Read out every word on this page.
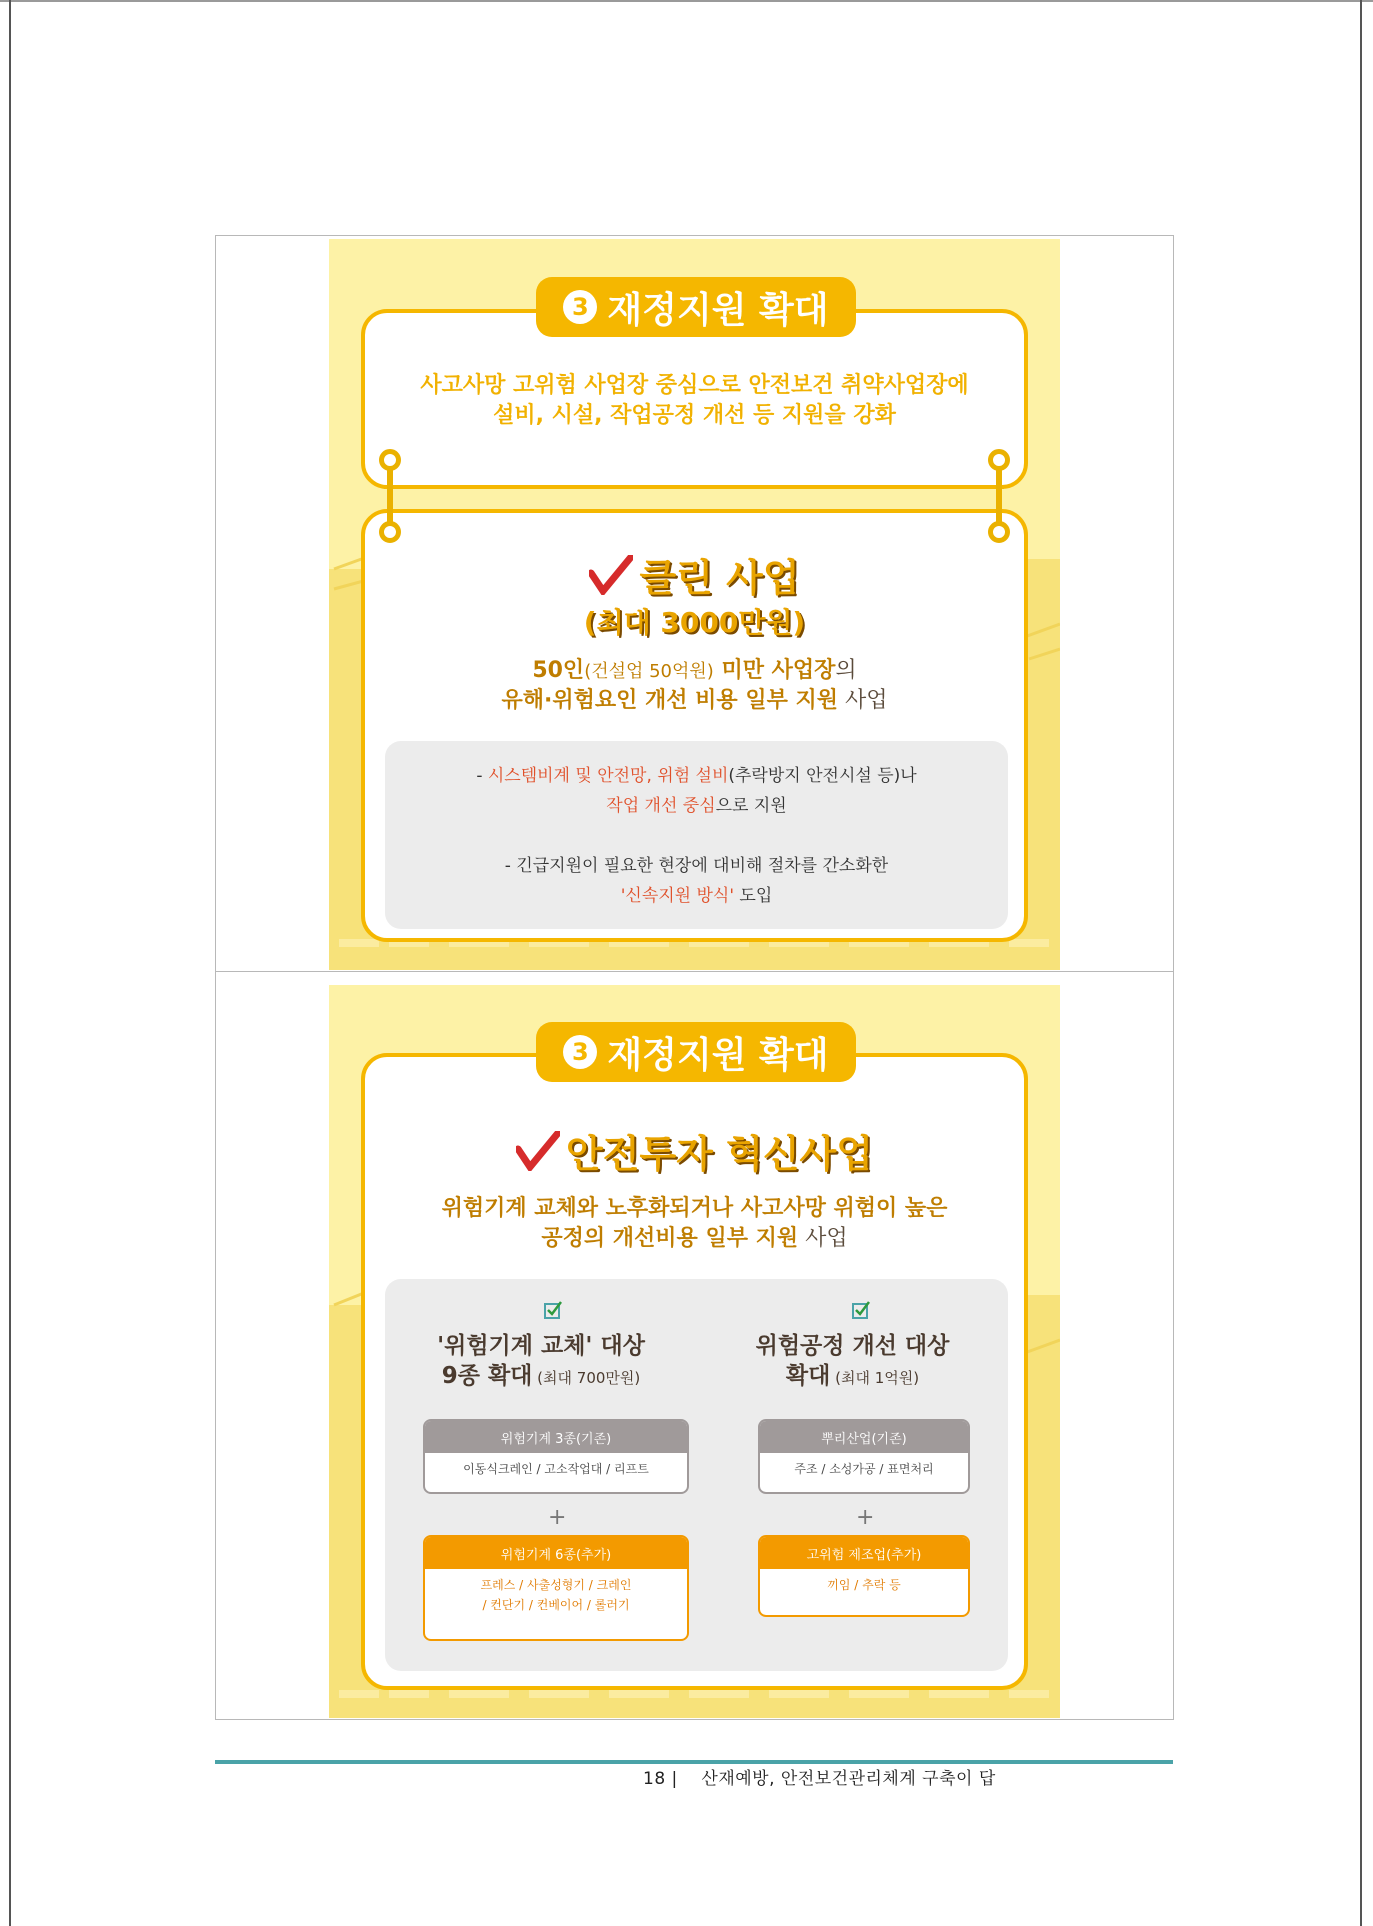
3 재정지원 확대
사고사망 고위험 사업장 중심으로 안전보건 취약사업장에
설비, 시설, 작업공정 개선 등 지원을 강화
클린 사업
(최대 3000만원)
50인(건설업 50억원) 미만 사업장의
유해·위험요인 개선 비용 일부 지원 사업
- 시스템비계 및 안전망, 위험 설비(추락방지 안전시설 등)나
작업 개선 중심으로 지원
- 긴급지원이 필요한 현장에 대비해 절차를 간소화한
'신속지원 방식' 도입
3 재정지원 확대
안전투자 혁신사업
위험기계 교체와 노후화되거나 사고사망 위험이 높은
공정의 개선비용 일부 지원 사업
'위험기계 교체' 대상
9종 확대 (최대 700만원)
위험기계 3종(기존)
이동식크레인 / 고소작업대 / 리프트
+
위험기계 6종(추가)
프레스 / 사출성형기 / 크레인
/ 컨단기 / 컨베이어 / 롤러기
위험공정 개선 대상
확대 (최대 1억원)
뿌리산업(기존)
주조 / 소성가공 / 표면처리
+
고위험 제조업(추가)
끼임 / 추락 등
18 | 산재예방, 안전보건관리체계 구축이 답
